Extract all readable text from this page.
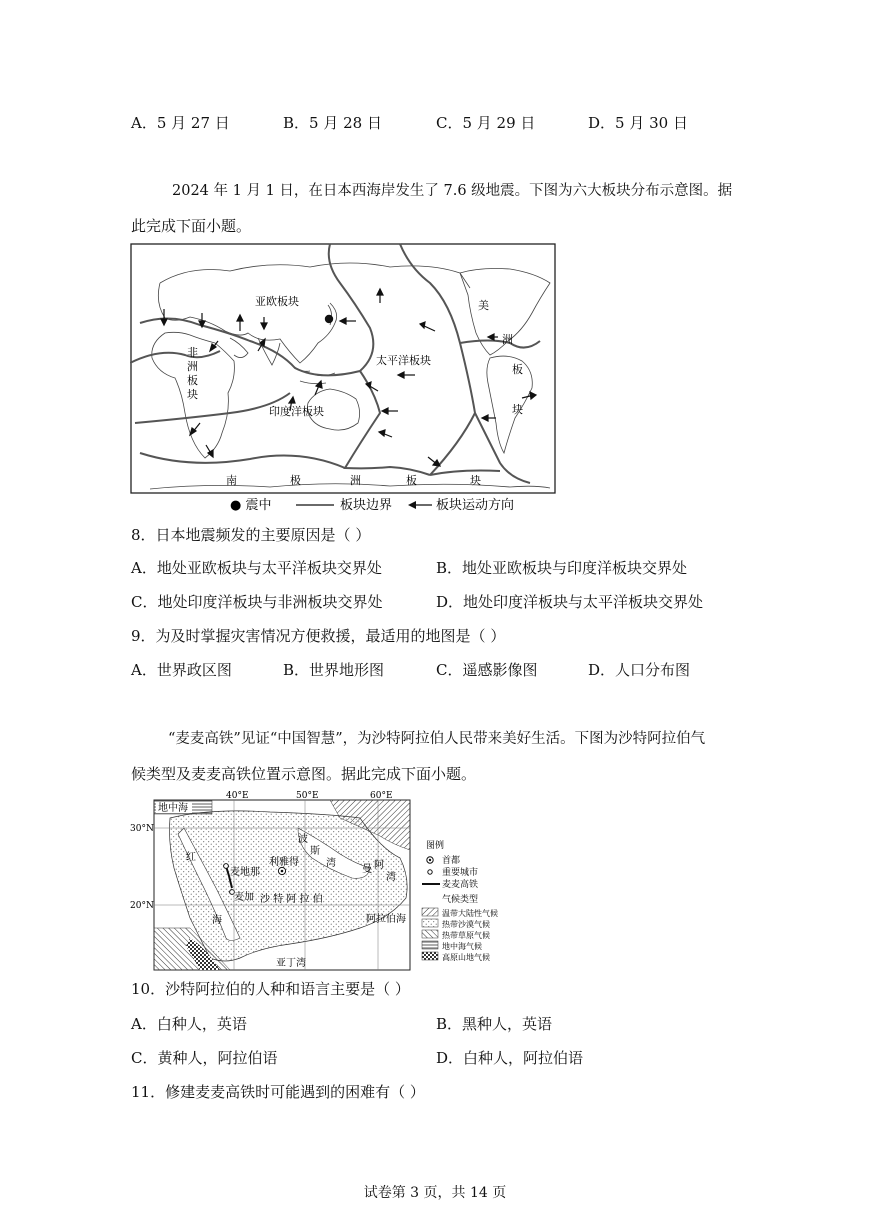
A．5 月 27 日	B．5 月 28 日	C．5 月 29 日	D．5 月 30 日
2024 年 1 月 1 日，在日本西海岸发生了 7.6 级地震。下图为六大板块分布示意图。据
此完成下面小题。
亚欧板块
非
洲
板
块
太平洋板块
印度洋板块
美
洲
板
块
南	极	洲	板	块
● 震中	板块边界	板块运动方向
8．日本地震频发的主要原因是（ ）
A．地处亚欧板块与太平洋板块交界处	B．地处亚欧板块与印度洋板块交界处
C．地处印度洋板块与非洲板块交界处	D．地处印度洋板块与太平洋板块交界处
9．为及时掌握灾害情况方便救援，最适用的地图是（ ）
A．世界政区图	B．世界地形图	C．遥感影像图	D．人口分布图
“麦麦高铁”见证“中国智慧”，为沙特阿拉伯人民带来美好生活。下图为沙特阿拉伯气
候类型及麦麦高铁位置示意图。据此完成下面小题。
40°E	50°E	60°E
30°N
20°N
地中海
红
海
波
斯
湾	阿
曼
湾
利雅得
麦地那
麦加 沙 特 阿 拉 伯
阿拉伯海
亚丁湾
图例
首都
重要城市
麦麦高铁
气候类型
温带大陆性气候
热带沙漠气候
热带草原气候
地中海气候
高原山地气候
10．沙特阿拉伯的人种和语言主要是（ ）
A．白种人，英语	B．黑种人，英语
C．黄种人，阿拉伯语	D．白种人，阿拉伯语
11．修建麦麦高铁时可能遇到的困难有（ ）
试卷第 3 页，共 14 页
